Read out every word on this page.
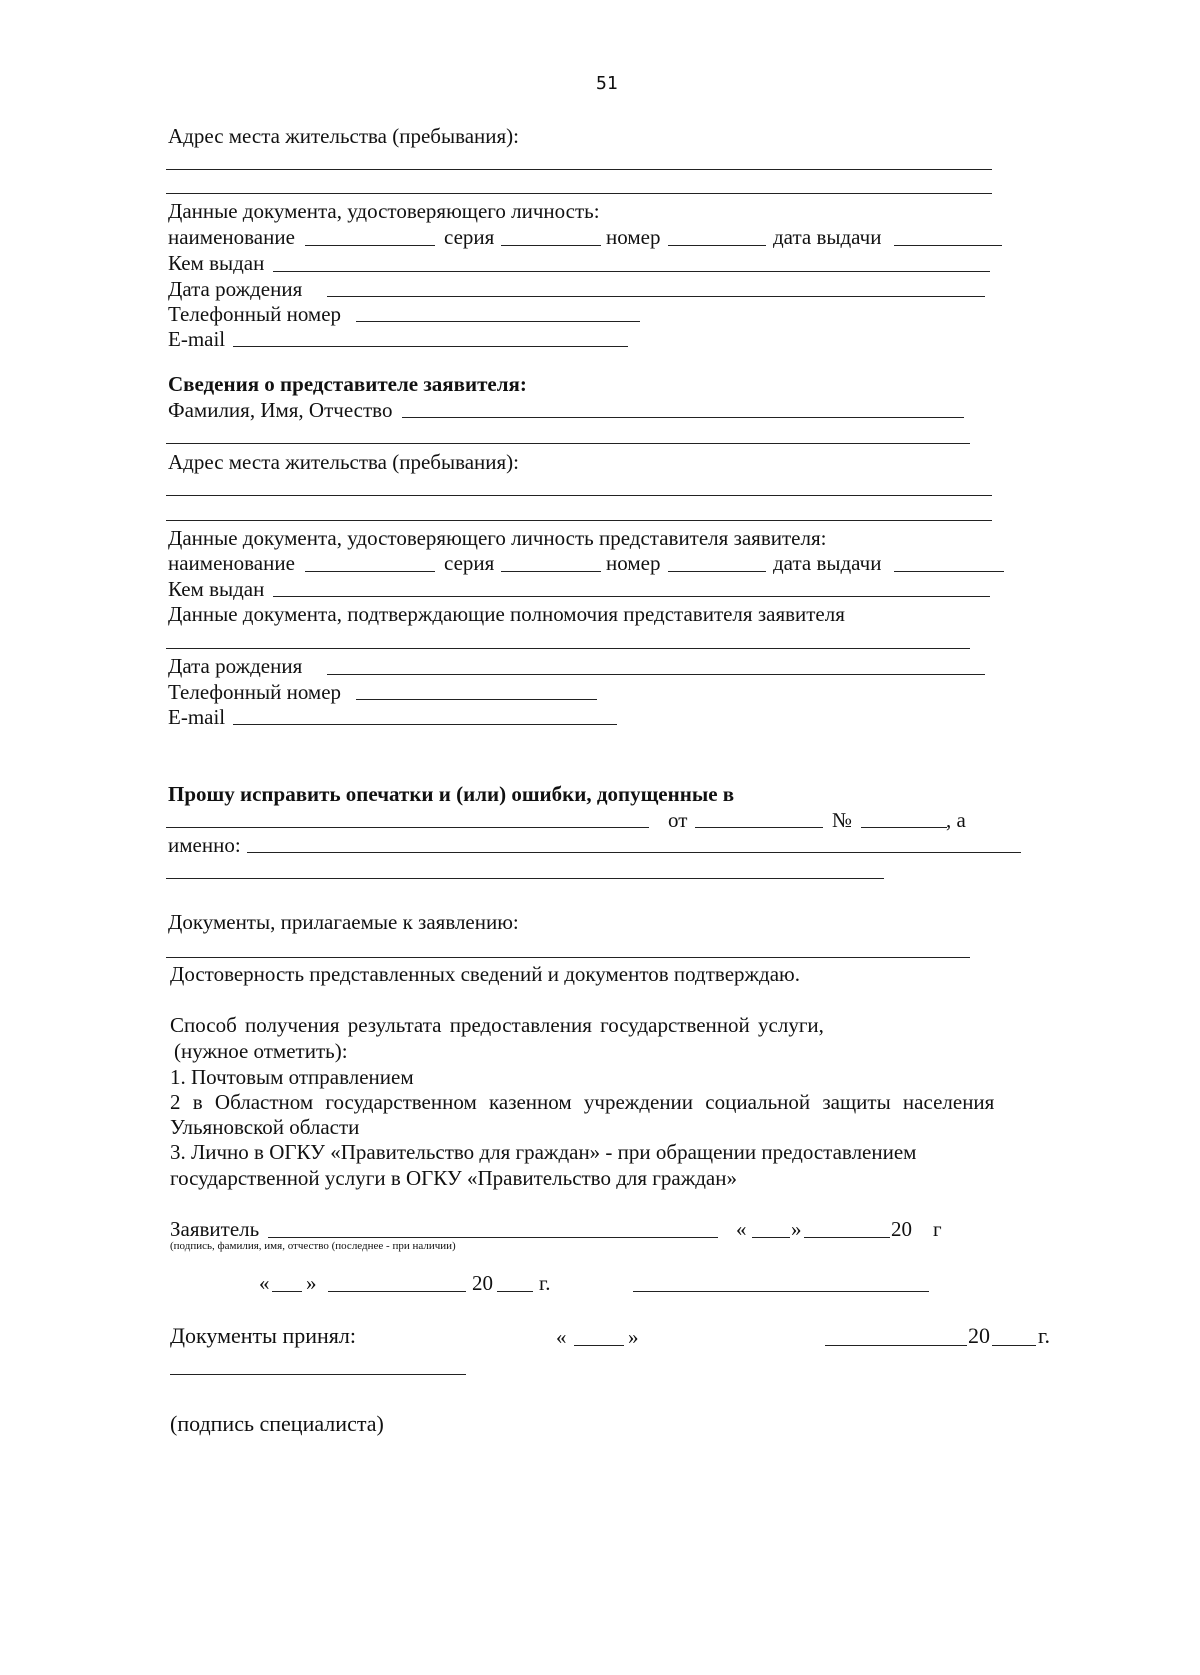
51
Адрес места жительства (пребывания):
Данные документа, удостоверяющего личность:
наименование	серия	номер	дата выдачи
Кем выдан
Дата рождения
Телефонный номер
E-mail
Сведения о представителе заявителя:
Фамилия, Имя, Отчество
Адрес места жительства (пребывания):
Данные документа, удостоверяющего личность представителя заявителя:
наименование	серия	номер	дата выдачи
Кем выдан
Данные документа, подтверждающие полномочия представителя заявителя
Дата рождения
Телефонный номер
E-mail
Прошу исправить опечатки и (или) ошибки, допущенные в
от	№	, а
именно:
Документы, прилагаемые к заявлению:
Достоверность представленных сведений и документов подтверждаю.
Способ получения результата предоставления государственной услуги,
(нужное отметить):
1. Почтовым отправлением
2 в Областном государственном казенном учреждении социальной защиты населения
Ульяновской области
3. Лично в ОГКУ «Правительство для граждан» - при обращении предоставлением
государственной услуги в ОГКУ «Правительство для граждан»
Заявитель	« »	20 г
(подпись, фамилия, имя, отчество (последнее - при наличии)
« »	20 г.
Документы принял:	«	»	20 г.
(подпись специалиста)
